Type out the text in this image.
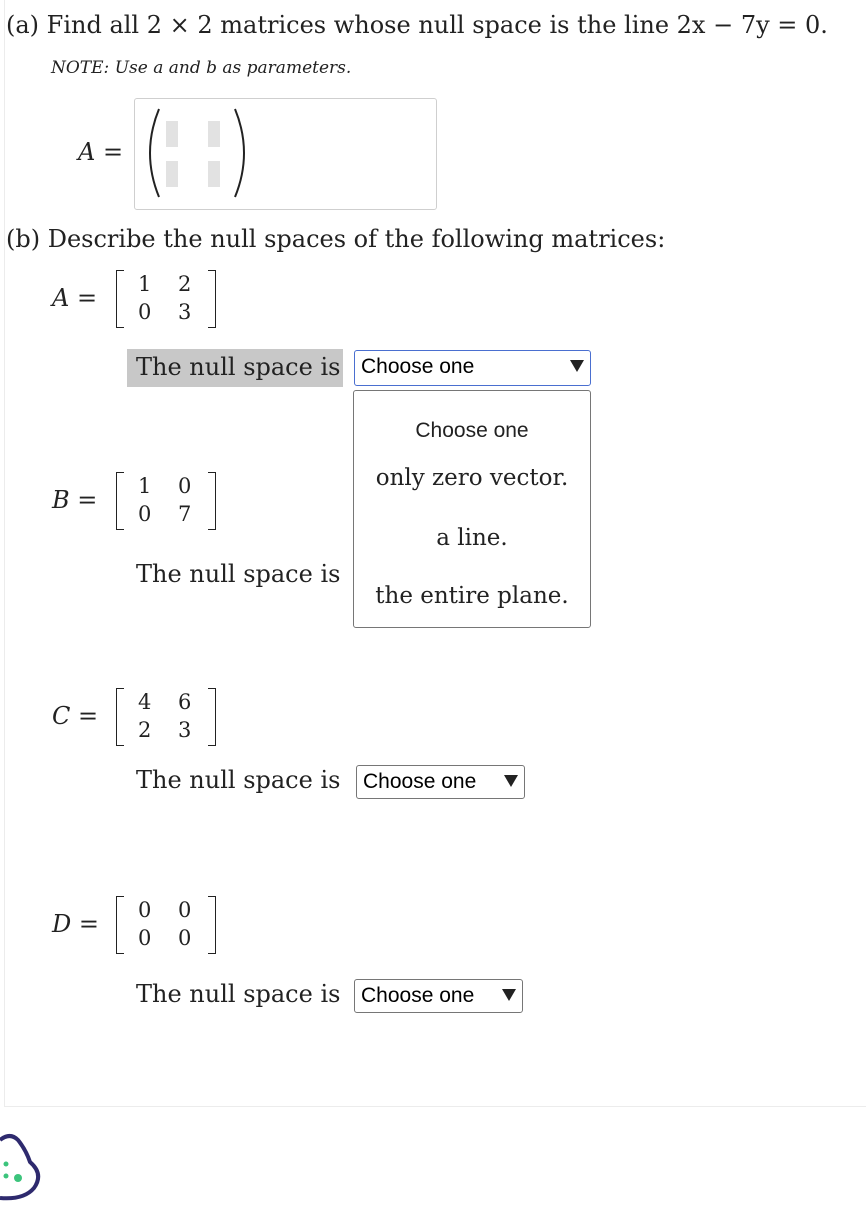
(a) Find all 2 × 2 matrices whose null space is the line 2x − 7y = 0.
NOTE: Use a and b as parameters.
A =
(b) Describe the null spaces of the following matrices:
A = 1 2
0 3
The null space is Choose one
Choose one
only zero vector.
a line.
the entire plane.
B = 1 0
0 7
The null space is
C = 4 6
2 3
The null space is Choose one
D = 0 0
0 0
The null space is Choose one
